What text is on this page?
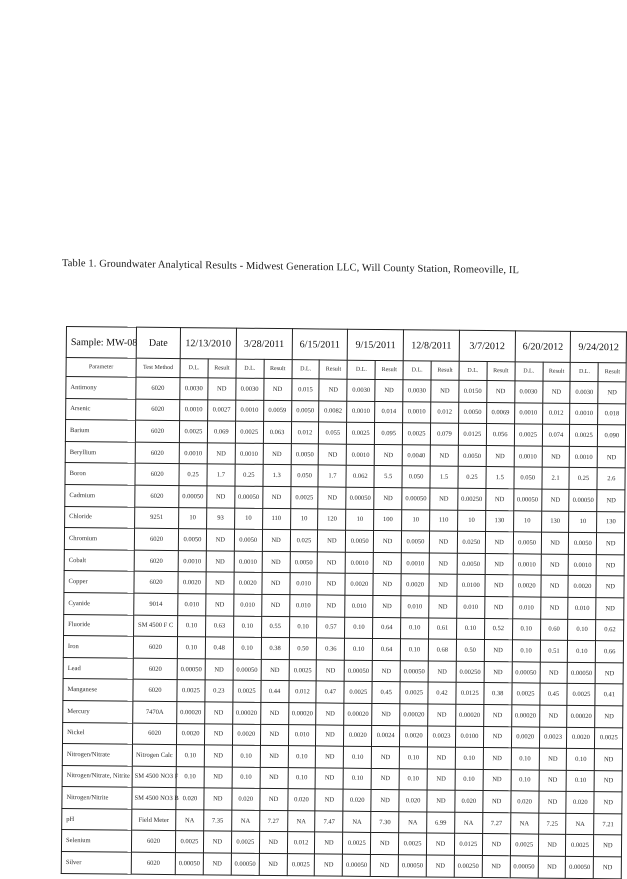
Table 1. Groundwater Analytical Results - Midwest Generation LLC, Will County Station, Romeoville, IL
Sample: MW-08	Date	12/13/2010		3/28/2011		6/15/2011		9/15/2011		12/8/2011		3/7/2012		6/20/2012		9/24/2012	
Parameter	Test Method	D.L.	Result	D.L.	Result	D.L.	Result	D.L.	Result	D.L.	Result	D.L.	Result	D.L.	Result	D.L.	Result
Antimony	6020	0.0030	ND	0.0030	ND	0.015	ND	0.0030	ND	0.0030	ND	0.0150	ND	0.0030	ND	0.0030	ND
Arsenic	6020	0.0010	0.0027	0.0010	0.0059	0.0050	0.0082	0.0010	0.014	0.0010	0.012	0.0050	0.0069	0.0010	0.012	0.0010	0.018
Barium	6020	0.0025	0.069	0.0025	0.063	0.012	0.055	0.0025	0.095	0.0025	0.079	0.0125	0.056	0.0025	0.074	0.0025	0.090
Beryllium	6020	0.0010	ND	0.0010	ND	0.0050	ND	0.0010	ND	0.0040	ND	0.0050	ND	0.0010	ND	0.0010	ND
Boron	6020	0.25	1.7	0.25	1.3	0.050	1.7	0.062	5.5	0.050	1.5	0.25	1.5	0.050	2.1	0.25	2.6
Cadmium	6020	0.00050	ND	0.00050	ND	0.0025	ND	0.00050	ND	0.00050	ND	0.00250	ND	0.00050	ND	0.00050	ND
Chloride	9251	10	93	10	110	10	120	10	100	10	110	10	130	10	130	10	130
Chromium	6020	0.0050	ND	0.0050	ND	0.025	ND	0.0050	ND	0.0050	ND	0.0250	ND	0.0050	ND	0.0050	ND
Cobalt	6020	0.0010	ND	0.0010	ND	0.0050	ND	0.0010	ND	0.0010	ND	0.0050	ND	0.0010	ND	0.0010	ND
Copper	6020	0.0020	ND	0.0020	ND	0.010	ND	0.0020	ND	0.0020	ND	0.0100	ND	0.0020	ND	0.0020	ND
Cyanide	9014	0.010	ND	0.010	ND	0.010	ND	0.010	ND	0.010	ND	0.010	ND	0.010	ND	0.010	ND
Fluoride	SM 4500 F C	0.10	0.63	0.10	0.55	0.10	0.57	0.10	0.64	0.10	0.61	0.10	0.52	0.10	0.60	0.10	0.62
Iron	6020	0.10	0.48	0.10	0.38	0.50	0.36	0.10	0.64	0.10	0.68	0.50	ND	0.10	0.51	0.10	0.66
Lead	6020	0.00050	ND	0.00050	ND	0.0025	ND	0.00050	ND	0.00050	ND	0.00250	ND	0.00050	ND	0.00050	ND
Manganese	6020	0.0025	0.23	0.0025	0.44	0.012	0.47	0.0025	0.45	0.0025	0.42	0.0125	0.38	0.0025	0.45	0.0025	0.41
Mercury	7470A	0.00020	ND	0.00020	ND	0.00020	ND	0.00020	ND	0.00020	ND	0.00020	ND	0.00020	ND	0.00020	ND
Nickel	6020	0.0020	ND	0.0020	ND	0.010	ND	0.0020	0.0024	0.0020	0.0023	0.0100	ND	0.0020	0.0023	0.0020	0.0025
Nitrogen/Nitrate	Nitrogen Calc	0.10	ND	0.10	ND	0.10	ND	0.10	ND	0.10	ND	0.10	ND	0.10	ND	0.10	ND
Nitrogen/Nitrate, Nitrite	SM 4500 NO3 F	0.10	ND	0.10	ND	0.10	ND	0.10	ND	0.10	ND	0.10	ND	0.10	ND	0.10	ND
Nitrogen/Nitrite	SM 4500 NO3 B	0.020	ND	0.020	ND	0.020	ND	0.020	ND	0.020	ND	0.020	ND	0.020	ND	0.020	ND
pH	Field Meter	NA	7.35	NA	7.27	NA	7.47	NA	7.30	NA	6.99	NA	7.27	NA	7.25	NA	7.21
Selenium	6020	0.0025	ND	0.0025	ND	0.012	ND	0.0025	ND	0.0025	ND	0.0125	ND	0.0025	ND	0.0025	ND
Silver	6020	0.00050	ND	0.00050	ND	0.0025	ND	0.00050	ND	0.00050	ND	0.00250	ND	0.00050	ND	0.00050	ND
